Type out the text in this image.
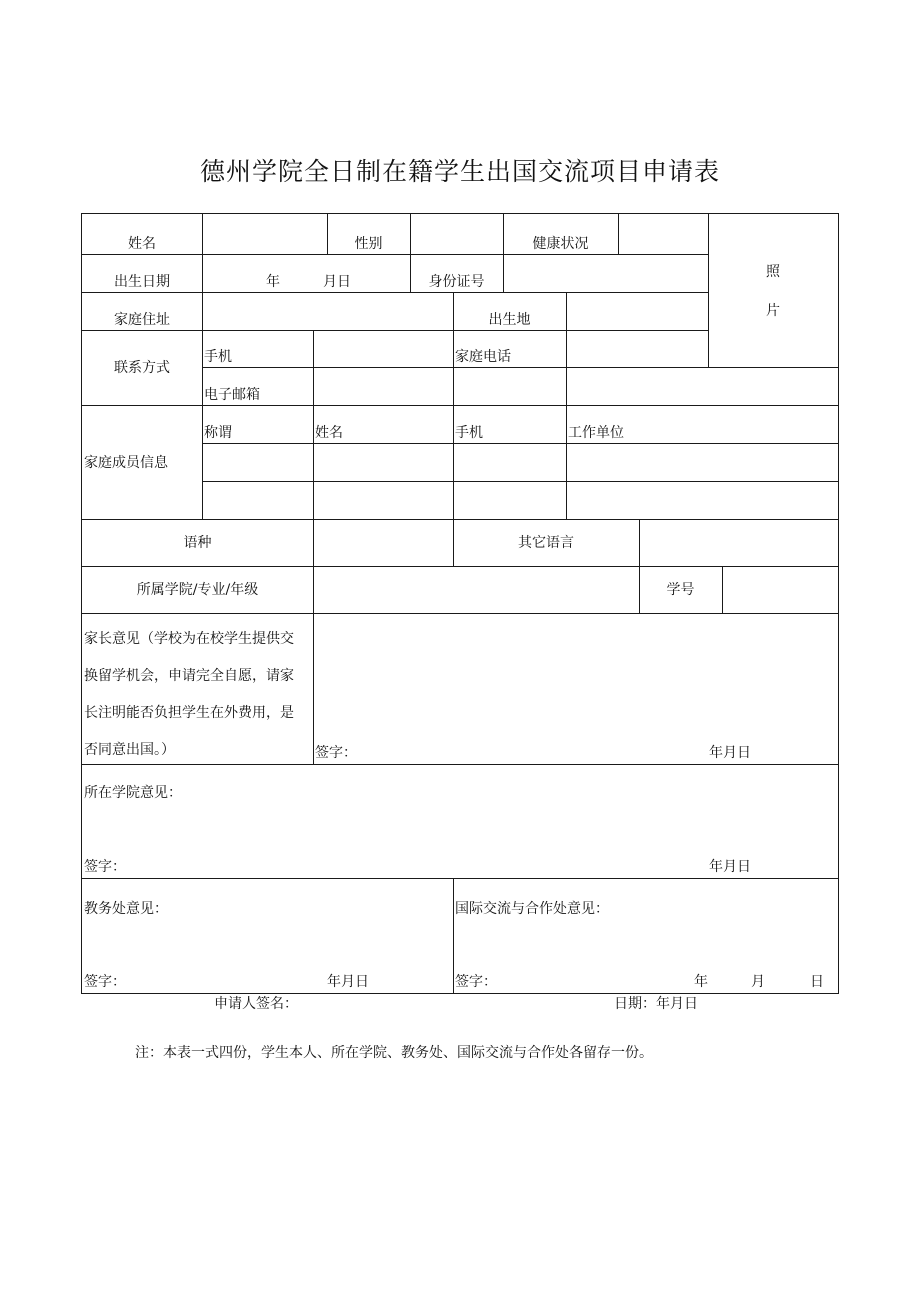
德州学院全日制在籍学生出国交流项目申请表
姓名	性别	健康状况
照
片
出生日期	年	月日	身份证号
家庭住址	出生地
联系方式
手机	家庭电话
电子邮箱
家庭成员信息
称谓	姓名	手机	工作单位
语种	其它语言
所属学院/专业/年级	学号
家长意见（学校为在校学生提供交
换留学机会，申请完全自愿，请家
长注明能否负担学生在外费用，是
否同意出国。）	签字：	年月日
所在学院意见：
签字：	年月日
教务处意见：
签字：	年月日
国际交流与合作处意见：
签字：	年	月	日
申请人签名：	日期：年月日
注：本表一式四份，学生本人、所在学院、教务处、国际交流与合作处各留存一份。
